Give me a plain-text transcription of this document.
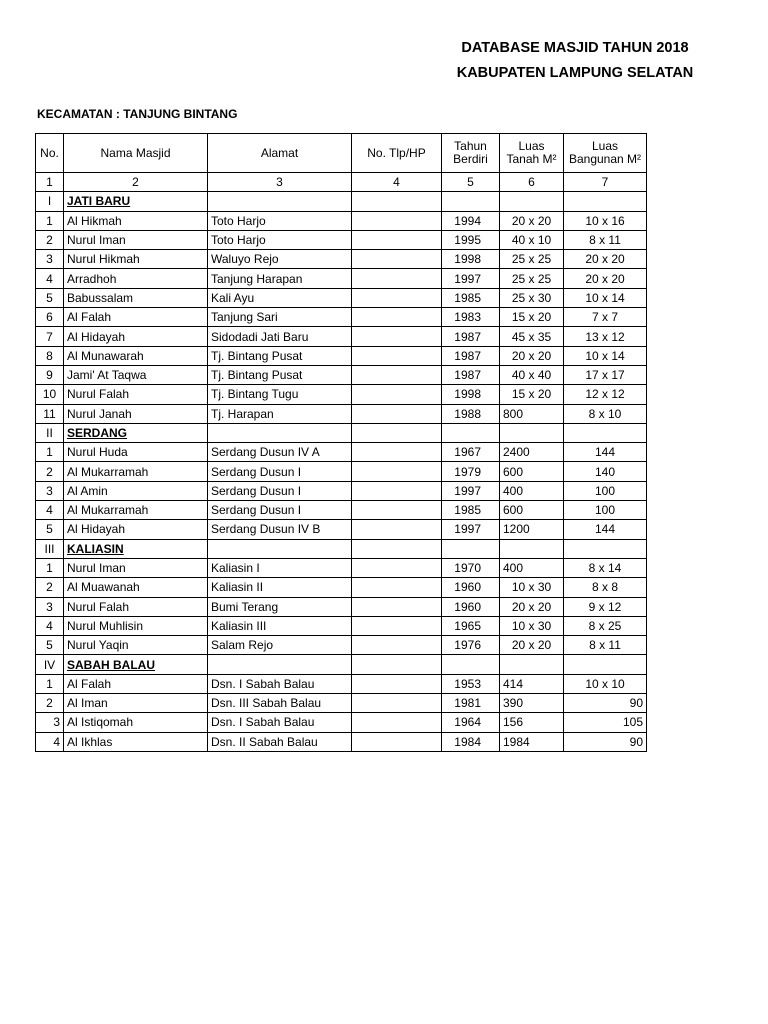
DATABASE MASJID TAHUN 2018
KABUPATEN LAMPUNG SELATAN
KECAMATAN : TANJUNG BINTANG
No.	Nama Masjid	Alamat	No. Tlp/HP	Tahun Berdiri	Luas Tanah M²	Luas Bangunan M²
1	2	3	4	5	6	7
I	JATI BARU					
1	Al Hikmah	Toto Harjo		1994	20 x 20	10 x 16
2	Nurul Iman	Toto Harjo		1995	40 x 10	8 x 11
3	Nurul Hikmah	Waluyo Rejo		1998	25 x 25	20 x 20
4	Arradhoh	Tanjung Harapan		1997	25 x 25	20 x 20
5	Babussalam	Kali Ayu		1985	25 x 30	10 x 14
6	Al Falah	Tanjung Sari		1983	15 x 20	7 x 7
7	Al Hidayah	Sidodadi Jati Baru		1987	45 x 35	13 x 12
8	Al Munawarah	Tj. Bintang Pusat		1987	20 x 20	10 x 14
9	Jami' At Taqwa	Tj. Bintang Pusat		1987	40 x 40	17 x 17
10	Nurul Falah	Tj. Bintang Tugu		1998	15 x 20	12 x 12
11	Nurul Janah	Tj. Harapan		1988	800	8 x 10
II	SERDANG					
1	Nurul Huda	Serdang Dusun IV A		1967	2400	144
2	Al Mukarramah	Serdang Dusun I		1979	600	140
3	Al Amin	Serdang Dusun I		1997	400	100
4	Al Mukarramah	Serdang Dusun I		1985	600	100
5	Al Hidayah	Serdang Dusun IV B		1997	1200	144
III	KALIASIN					
1	Nurul Iman	Kaliasin I		1970	400	8 x 14
2	Al Muawanah	Kaliasin II		1960	10 x 30	8 x 8
3	Nurul Falah	Bumi Terang		1960	20 x 20	9 x 12
4	Nurul Muhlisin	Kaliasin III		1965	10 x 30	8 x 25
5	Nurul Yaqin	Salam Rejo		1976	20 x 20	8 x 11
IV	SABAH BALAU					
1	Al Falah	Dsn. I Sabah Balau		1953	414	10 x 10
2	Al Iman	Dsn. III Sabah Balau		1981	390	90
3	Al Istiqomah	Dsn. I Sabah Balau		1964	156	105
4	Al Ikhlas	Dsn. II Sabah Balau		1984	1984	90
